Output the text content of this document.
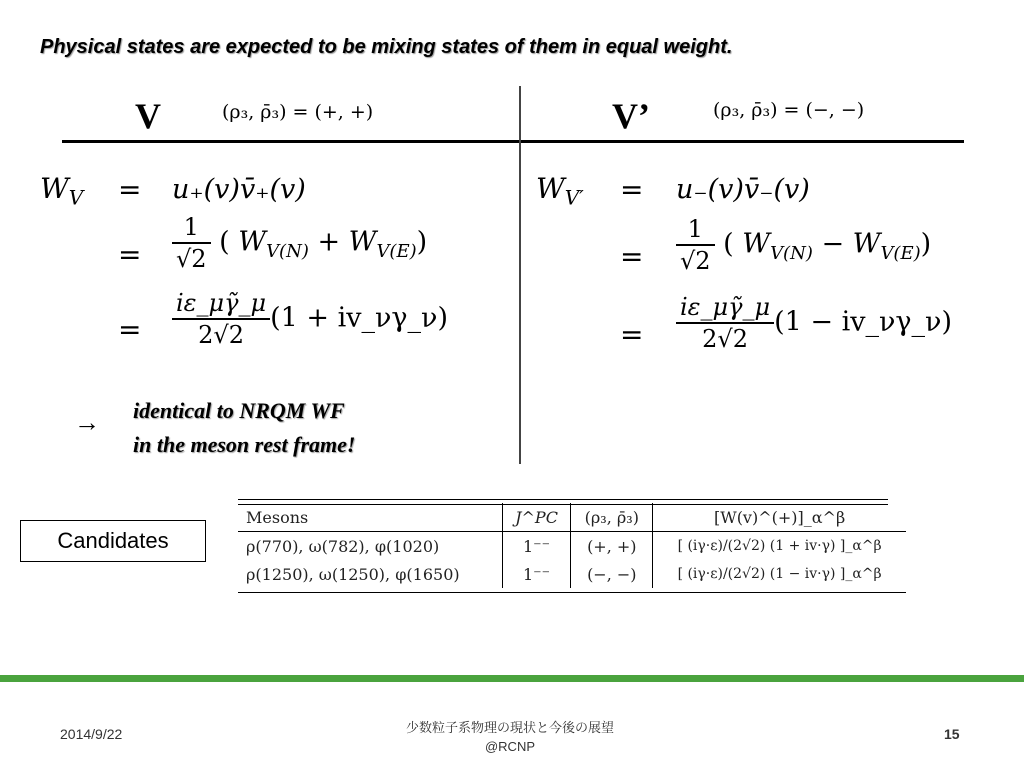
Physical states are expected to be mixing states of them in equal weight.
V	(ρ₃, ρ̄₃) = (+, +)	V’	(ρ₃, ρ̄₃) = (−, −)
$W_V$ = u₊(v)v̄₊(v)
= $\frac{1}{√2}$ ( $W_{V(N)} + W_{V(E)}$)
= $\frac{i\varepsilon\_\mu\gammã\_\mu}{2√2} (1$ + iv_νγ_ν)
$W_{V'}$ = u₋(v)v̄₋(v)
= $\frac{1}{√2}$ ( $W_{V(N)} - W_{V(E)}$)
= $\frac{i\varepsilon\_\mu\gammã\_\mu}{2√2} (1$ − iv_νγ_ν)
→ identical to NRQM WF
in the meson rest frame!
Candidates
Mesons	J^PC	(ρ₃, ρ̄₃)	[W(v)^(+)]_α^β
ρ(770), ω(782), φ(1020)	1⁻⁻	(+, +)	[ (iγ·ε)/(2√2) (1 + iv·γ) ]_α^β
ρ(1250), ω(1250), φ(1650)	1⁻⁻	(−, −)	[ (iγ·ε)/(2√2) (1 − iv·γ) ]_α^β
2014/9/22	少数粒子系物理の現状と今後の展望
@RCNP
15
